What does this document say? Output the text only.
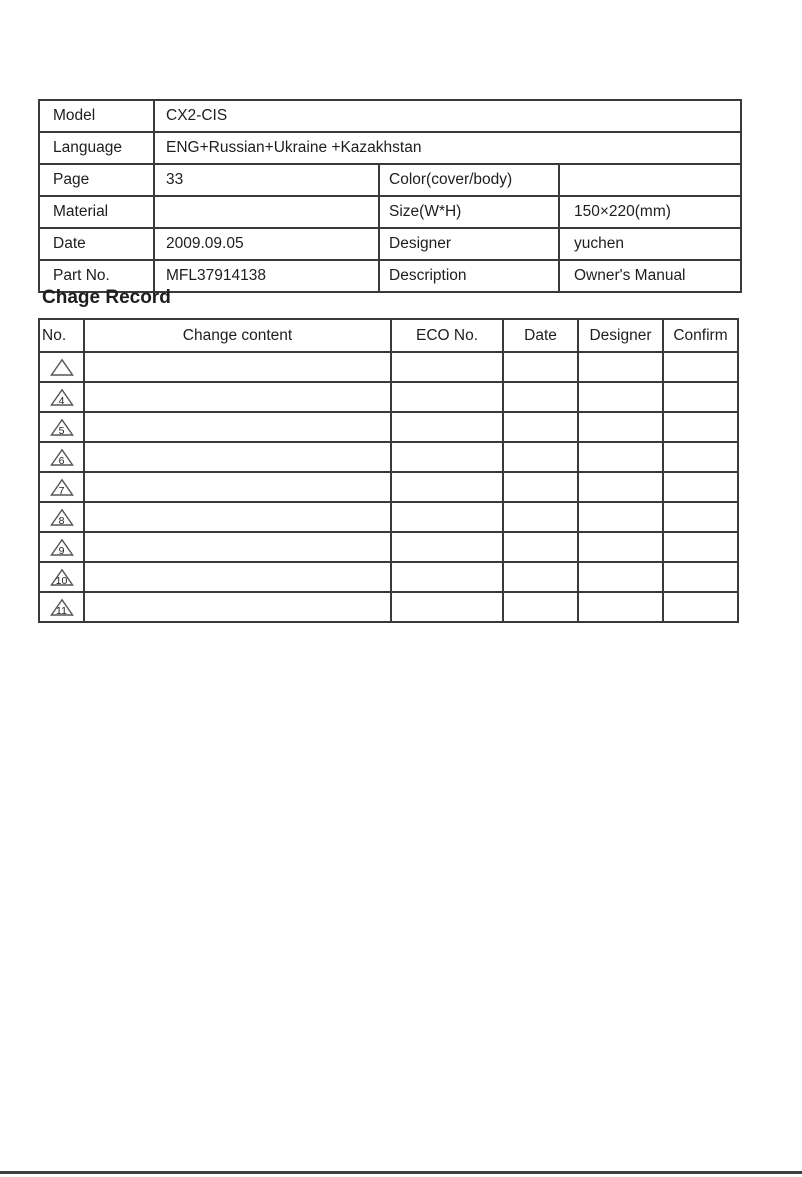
Model	CX2-CIS		
Language	ENG+Russian+Ukraine +Kazakhstan		
Page	33	Color(cover/body)	
Material		Size(W*H)	150×220(mm)
Date	2009.09.05	Designer	yuchen
Part No.	MFL37914138	Description	Owner's Manual
Chage Record
No.	Change content	ECO No.	Date	Designer	Confirm

4					

5					

6					

7					

8					

9					

10					

11					
